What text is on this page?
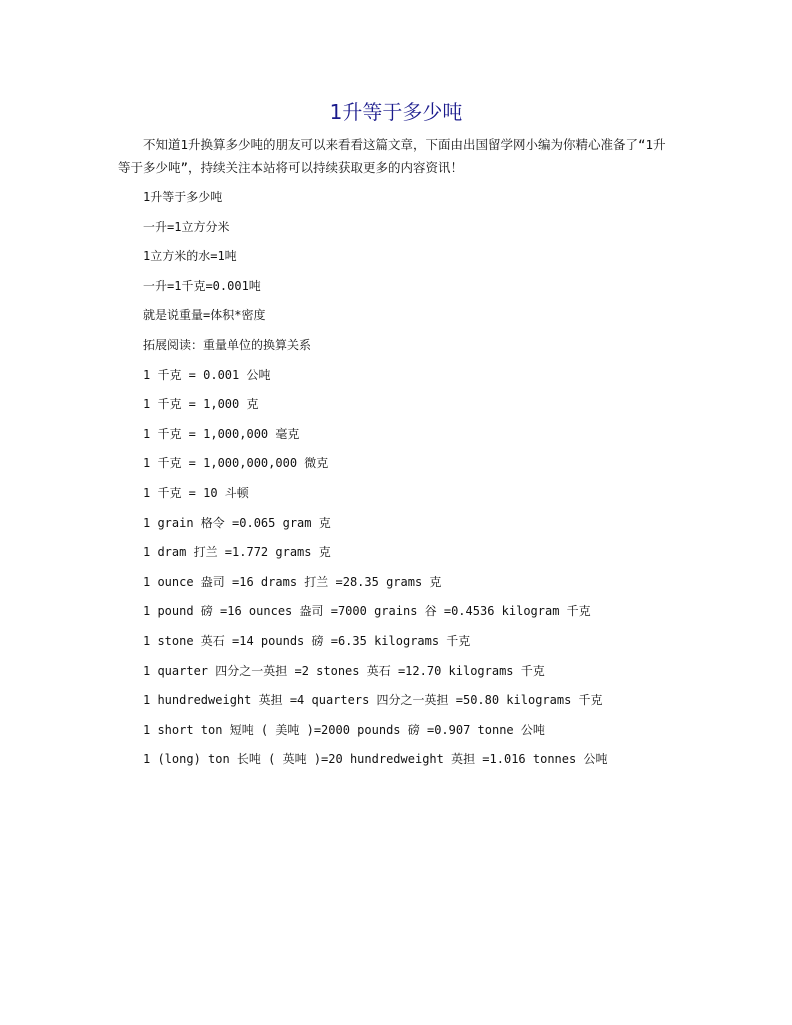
1升等于多少吨

不知道1升换算多少吨的朋友可以来看看这篇文章，下面由出国留学网小编为你精心准备了“1升等于多少吨”，持续关注本站将可以持续获取更多的内容资讯！

1升等于多少吨
一升=1立方分米
1立方米的水=1吨
一升=1千克=0.001吨
就是说重量=体积*密度
拓展阅读：重量单位的换算关系
1 千克 = 0.001 公吨
1 千克 = 1,000 克
1 千克 = 1,000,000 毫克
1 千克 = 1,000,000,000 微克
1 千克 = 10 斗顿
1 grain 格令 =0.065 gram 克
1 dram 打兰 =1.772 grams 克
1 ounce 盎司 =16 drams 打兰 =28.35 grams 克
1 pound 磅 =16 ounces 盎司 =7000 grains 谷 =0.4536 kilogram 千克
1 stone 英石 =14 pounds 磅 =6.35 kilograms 千克
1 quarter 四分之一英担 =2 stones 英石 =12.70 kilograms 千克
1 hundredweight 英担 =4 quarters 四分之一英担 =50.80 kilograms 千克
1 short ton 短吨 ( 美吨 )=2000 pounds 磅 =0.907 tonne 公吨
1 (long) ton 长吨 ( 英吨 )=20 hundredweight 英担 =1.016 tonnes 公吨
